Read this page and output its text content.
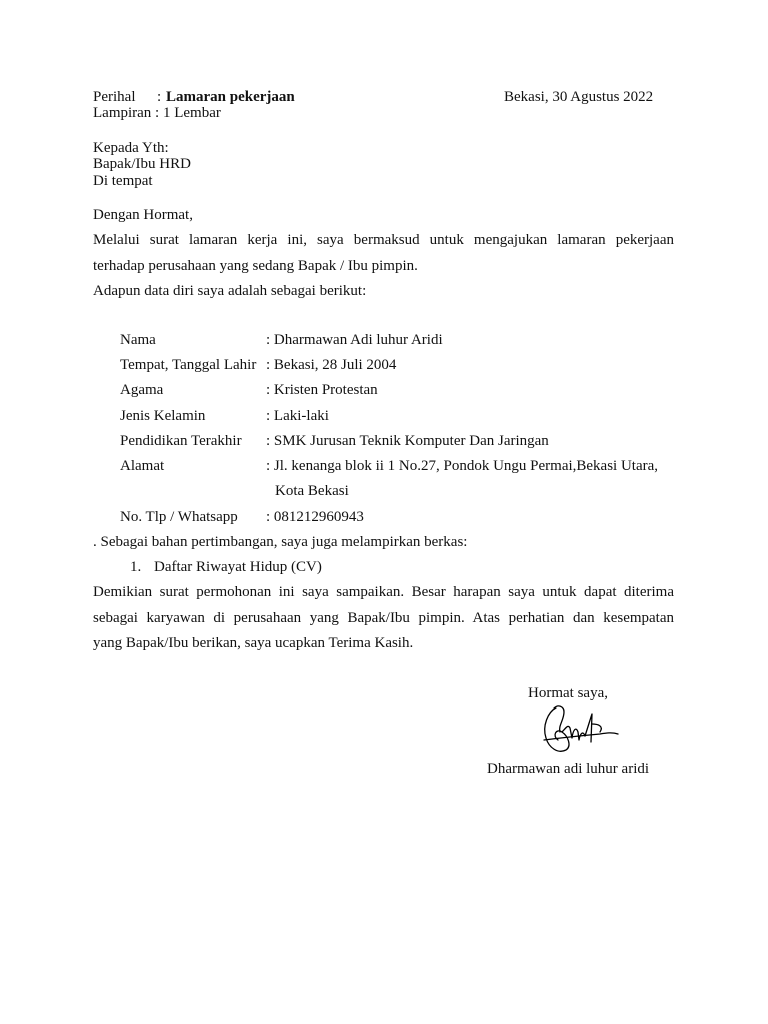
Perihal : Lamaran pekerjaan	Bekasi, 30 Agustus 2022
Lampiran : 1 Lembar
Kepada Yth:
Bapak/Ibu HRD
Di tempat
Dengan Hormat,
Melalui surat lamaran kerja ini, saya bermaksud untuk mengajukan lamaran pekerjaan
terhadap perusahaan yang sedang Bapak / Ibu pimpin.
Adapun data diri saya adalah sebagai berikut:
Nama	: Dharmawan Adi luhur Aridi
Tempat, Tanggal Lahir : Bekasi, 28 Juli 2004
Agama	: Kristen Protestan
Jenis Kelamin	: Laki-laki
Pendidikan Terakhir : SMK Jurusan Teknik Komputer Dan Jaringan
Alamat	: Jl. kenanga blok ii 1 No.27, Pondok Ungu Permai,Bekasi Utara,
Kota Bekasi
No. Tlp / Whatsapp : 081212960943
. Sebagai bahan pertimbangan, saya juga melampirkan berkas:
1. Daftar Riwayat Hidup (CV)
Demikian surat permohonan ini saya sampaikan. Besar harapan saya untuk dapat diterima
sebagai karyawan di perusahaan yang Bapak/Ibu pimpin. Atas perhatian dan kesempatan
yang Bapak/Ibu berikan, saya ucapkan Terima Kasih.
Hormat saya,
Dharmawan adi luhur aridi
